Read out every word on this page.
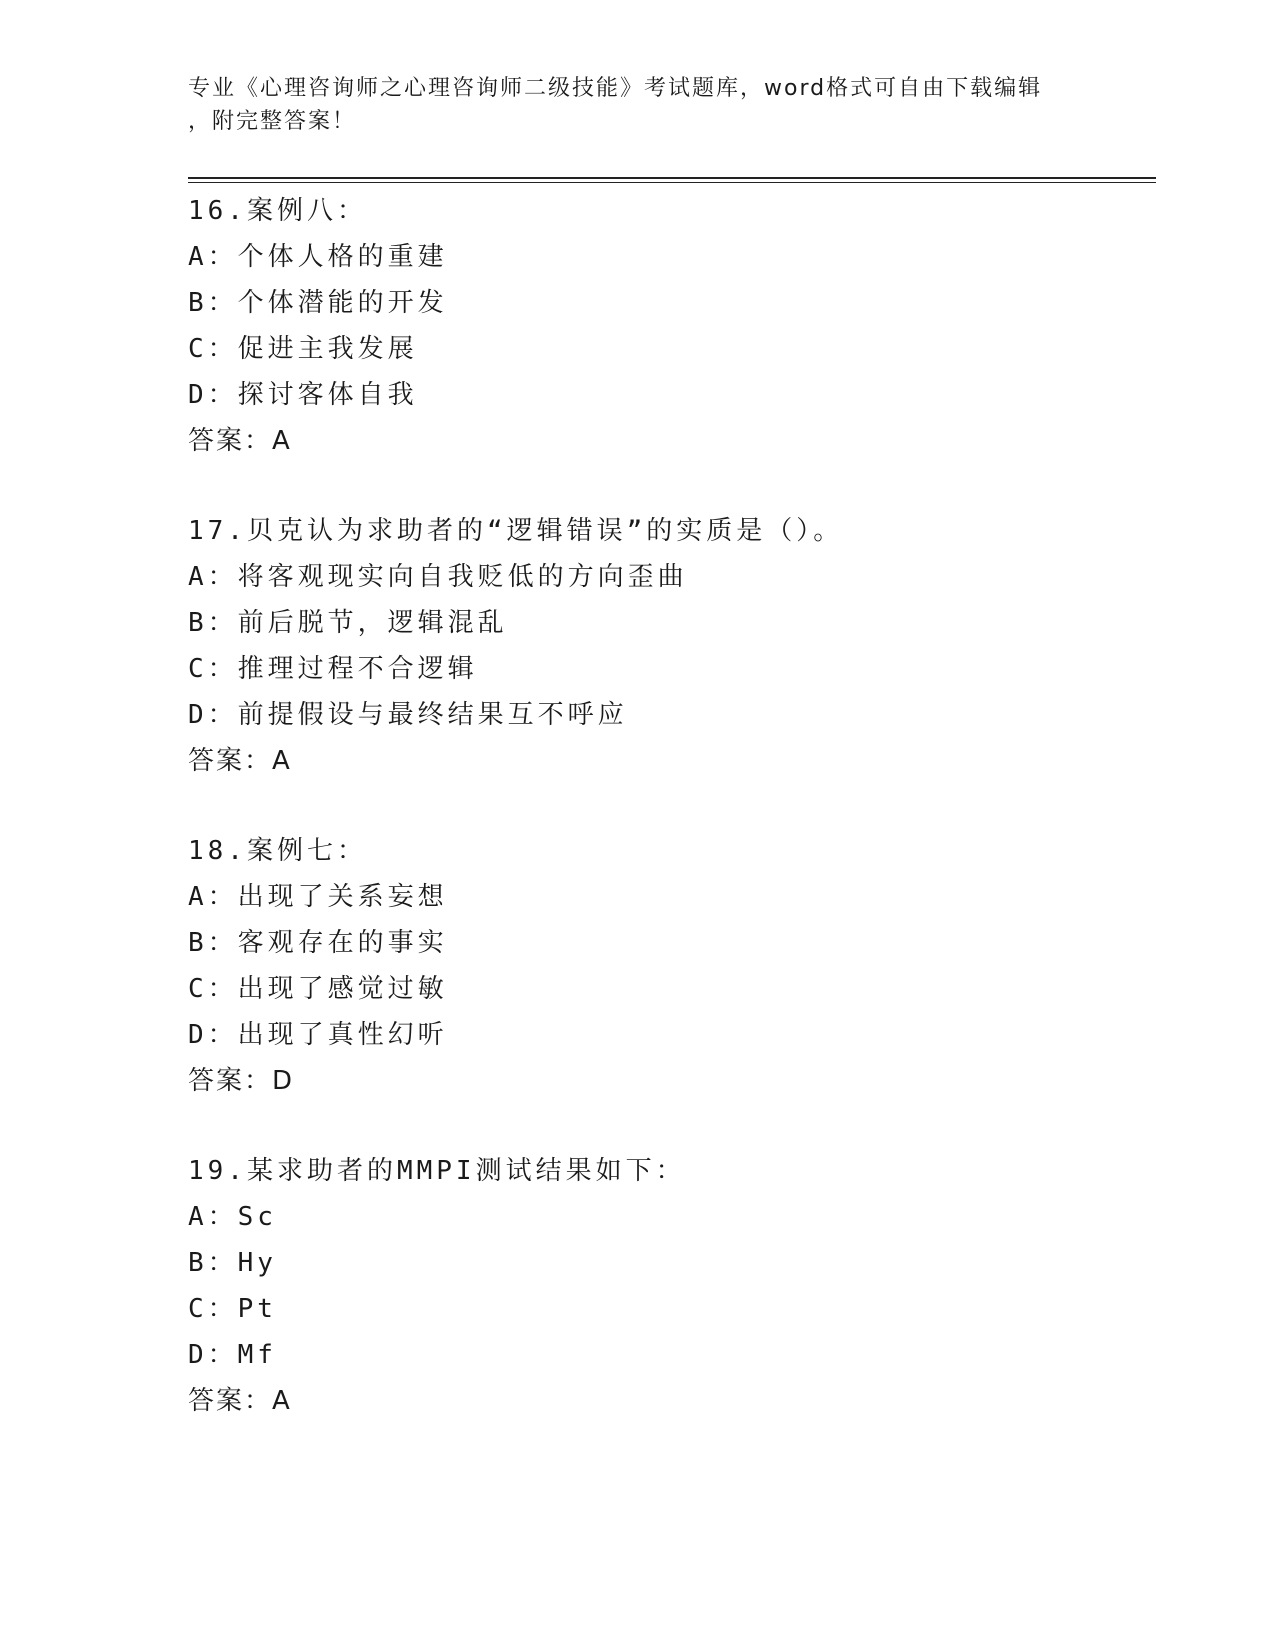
专业《心理咨询师之心理咨询师二级技能》考试题库，word格式可自由下载编辑
，附完整答案！
16.案例八：
A：个体人格的重建
B：个体潜能的开发
C：促进主我发展
D：探讨客体自我
答案：A
17.贝克认为求助者的“逻辑错误”的实质是（）。
A：将客观现实向自我贬低的方向歪曲
B：前后脱节，逻辑混乱
C：推理过程不合逻辑
D：前提假设与最终结果互不呼应
答案：A
18.案例七：
A：出现了关系妄想
B：客观存在的事实
C：出现了感觉过敏
D：出现了真性幻听
答案：D
19.某求助者的MMPI测试结果如下：
A：Sc
B：Hy
C：Pt
D：Mf
答案：A
